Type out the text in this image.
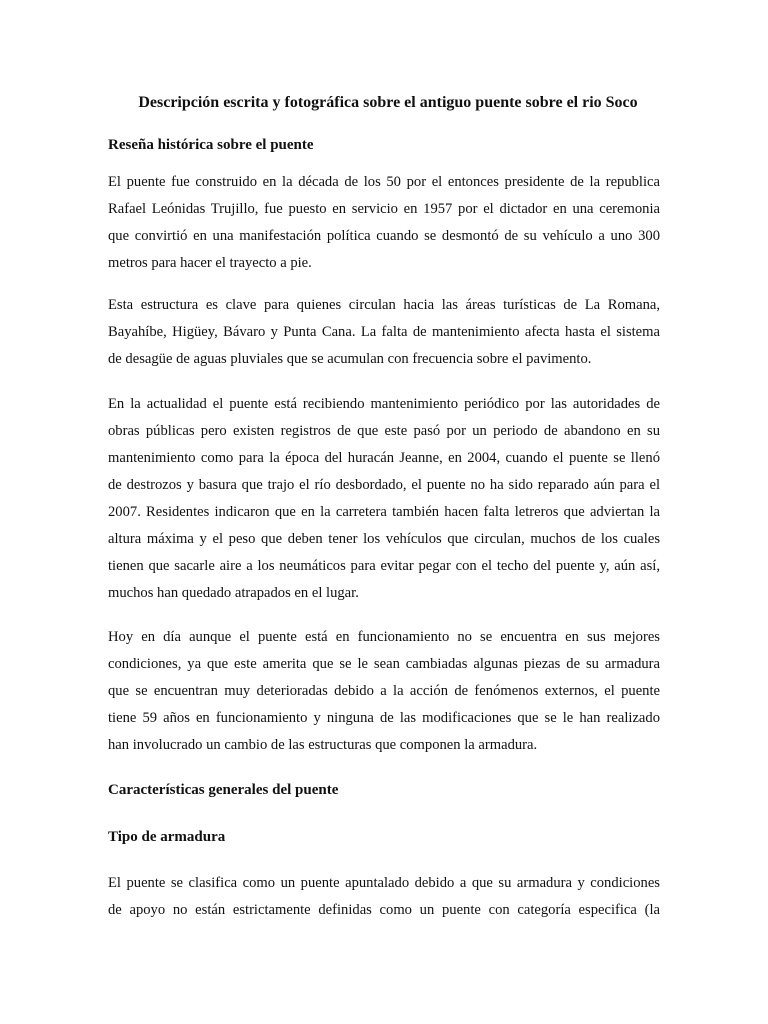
Descripción escrita y fotográfica sobre el antiguo puente sobre el rio Soco
Reseña histórica sobre el puente

El puente fue construido en la década de los 50 por el entonces presidente de la republica
Rafael Leónidas Trujillo, fue puesto en servicio en 1957 por el dictador en una ceremonia
que convirtió en una manifestación política cuando se desmontó de su vehículo a uno 300
metros para hacer el trayecto a pie.

Esta estructura es clave para quienes circulan hacia las áreas turísticas de La Romana,
Bayahíbe, Higüey, Bávaro y Punta Cana. La falta de mantenimiento afecta hasta el sistema
de desagüe de aguas pluviales que se acumulan con frecuencia sobre el pavimento.

En la actualidad el puente está recibiendo mantenimiento periódico por las autoridades de
obras públicas pero existen registros de que este pasó por un periodo de abandono en su
mantenimiento como para la época del huracán Jeanne, en 2004, cuando el puente se llenó
de destrozos y basura que trajo el río desbordado, el puente no ha sido reparado aún para el
2007. Residentes indicaron que en la carretera también hacen falta letreros que adviertan la
altura máxima y el peso que deben tener los vehículos que circulan, muchos de los cuales
tienen que sacarle aire a los neumáticos para evitar pegar con el techo del puente y, aún así,
muchos han quedado atrapados en el lugar.

Hoy en día aunque el puente está en funcionamiento no se encuentra en sus mejores
condiciones, ya que este amerita que se le sean cambiadas algunas piezas de su armadura
que se encuentran muy deterioradas debido a la acción de fenómenos externos, el puente
tiene 59 años en funcionamiento y ninguna de las modificaciones que se le han realizado
han involucrado un cambio de las estructuras que componen la armadura.

Características generales del puente
Tipo de armadura

El puente se clasifica como un puente apuntalado debido a que su armadura y condiciones
de apoyo no están estrictamente definidas como un puente con categoría especifica (la
